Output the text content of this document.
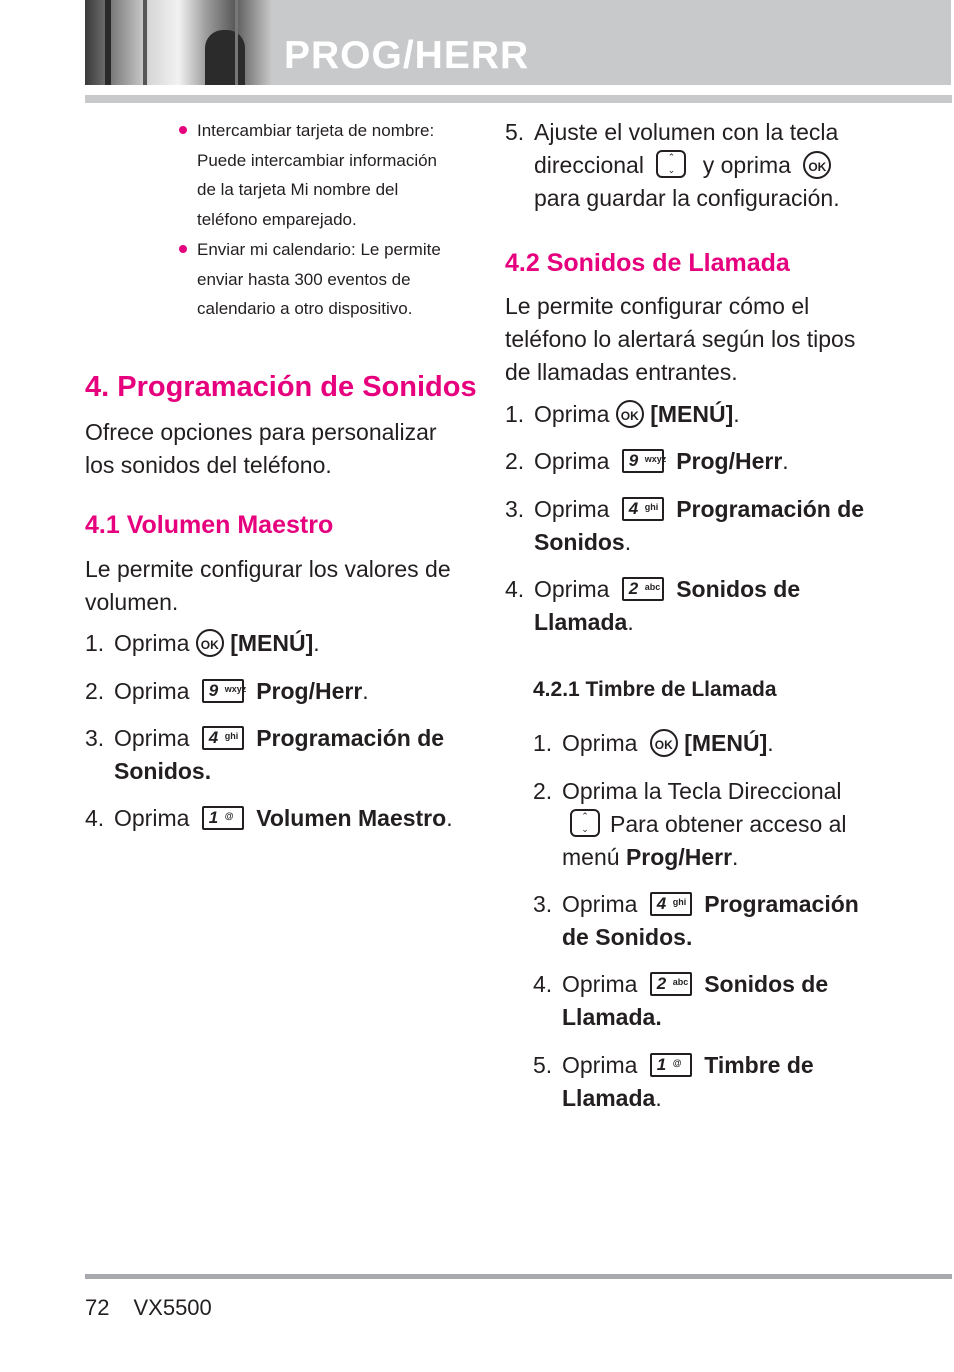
PROG/HERR
Intercambiar tarjeta de nombre:
Puede intercambiar información
de la tarjeta Mi nombre del
teléfono emparejado.
Enviar mi calendario: Le permite
enviar hasta 300 eventos de
calendario a otro dispositivo.
4. Programación de Sonidos
Ofrece opciones para personalizar
los sonidos del teléfono.
4.1 Volumen Maestro
Le permite configurar los valores de
volumen.
1. Oprima OK [MENÚ].
2. Oprima 9 wxyz Prog/Herr.
3. Oprima 4 ghi Programación de
Sonidos.
4. Oprima 1 @ Volumen Maestro.
5. Ajuste el volumen con la tecla
direccional	⌃
⌄	y oprima OK
para guardar la configuración.
4.2 Sonidos de Llamada
Le permite configurar cómo el
teléfono lo alertará según los tipos
de llamadas entrantes.
1. Oprima OK [MENÚ].
2. Oprima 9 wxyz Prog/Herr.
3. Oprima 4 ghi Programación de
Sonidos.
4. Oprima 2 abc Sonidos de
Llamada.
4.2.1 Timbre de Llamada
1. Oprima OK [MENÚ].
2. Oprima la Tecla Direccional

⌃
⌄ Para obtener acceso al
menú Prog/Herr.
3. Oprima 4 ghi Programación
de Sonidos.
4. Oprima 2 abc Sonidos de
Llamada.
5. Oprima 1 @ Timbre de
Llamada.
72 VX5500
